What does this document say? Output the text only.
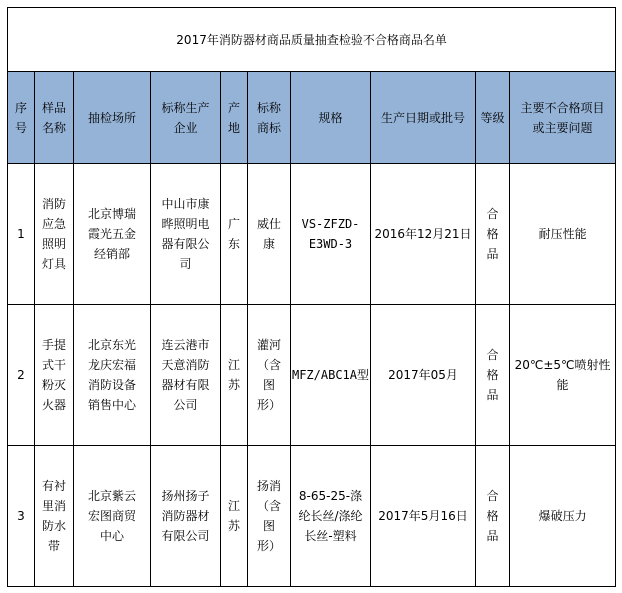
2017年消防器材商品质量抽查检验不合格商品名单									

序号	样品名称	抽检场所	标称生产企业	产地	标称商标	规格	生产日期或批号	等级	主要不合格项目或主要问题

1	消防应急照明灯具	北京博瑞霞光五金经销部	中山市康晔照明电器有限公司	广东	威仕康	VS-ZFZD-E3WD-3	2016年12月21日	合格品	耐压性能
2	手提式干粉灭火器	北京东光龙庆宏福消防设备销售中心	连云港市天意消防器材有限公司	江苏	灌河（含图形）	MFZ/ABC1A型	2017年05月	合格品	20℃±5℃喷射性能

3	有衬里消防水带	北京紫云宏图商贸中心	扬州扬子消防器材有限公司	江苏	扬消（含图形）	8-65-25-涤纶长丝/涤纶长丝-塑料	2017年5月16日	合格品	爆破压力
